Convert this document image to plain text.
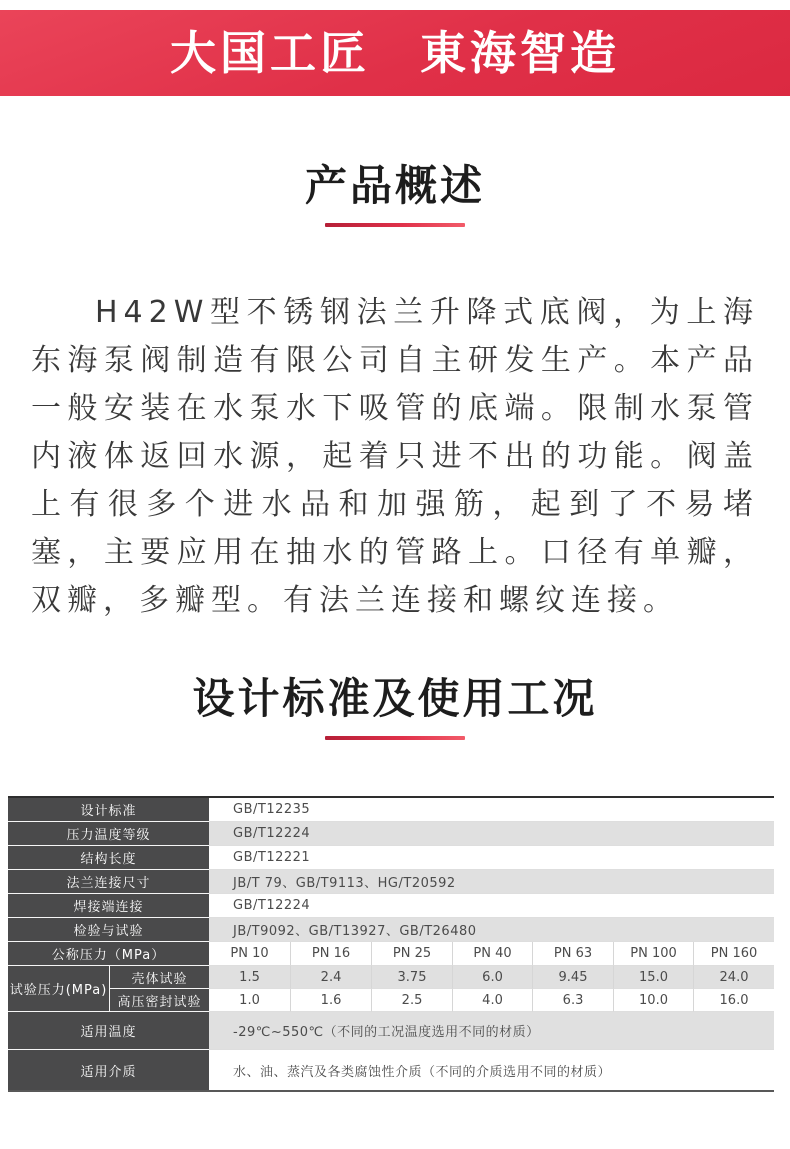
大国工匠　東海智造
产品概述
H42W型不锈钢法兰升降式底阀，为上海东海泵阀制造有限公司自主研发生产。本产品一般安装在水泵水下吸管的底端。限制水泵管内液体返回水源，起着只进不出的功能。阀盖上有很多个进水品和加强筋，起到了不易堵塞，主要应用在抽水的管路上。口径有单瓣，双瓣，多瓣型。有法兰连接和螺纹连接。
设计标准及使用工况
设计标准		GB/T12235						
压力温度等级		GB/T12224						
结构长度		GB/T12221						
法兰连接尺寸		JB/T 79、GB/T9113、HG/T20592						
焊接端连接		GB/T12224						
检验与试验		JB/T9092、GB/T13927、GB/T26480						
公称压力（MPa）		PN 10	PN 16	PN 25	PN 40	PN 63	PN 100	PN 160
试验压力(MPa)	壳体试验	1.5	2.4	3.75	6.0	9.45	15.0	24.0
	高压密封试验	1.0	1.6	2.5	4.0	6.3	10.0	16.0
适用温度		-29℃~550℃（不同的工况温度选用不同的材质）						
适用介质		水、油、蒸汽及各类腐蚀性介质（不同的介质选用不同的材质）						
